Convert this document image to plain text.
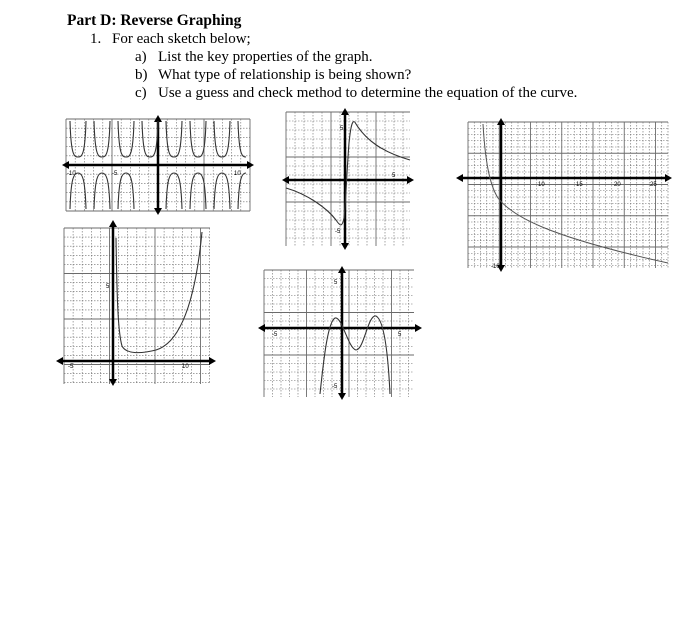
Part D: Reverse Graphing
1. For each sketch below;
a) List the key properties of the graph.
b) What type of relationship is being shown?
c) Use a guess and check method to determine the equation of the curve.
-10	-5	10
5
5
-5
10	15	20	25
-10
5
-5	10
5
-5	5
-5
